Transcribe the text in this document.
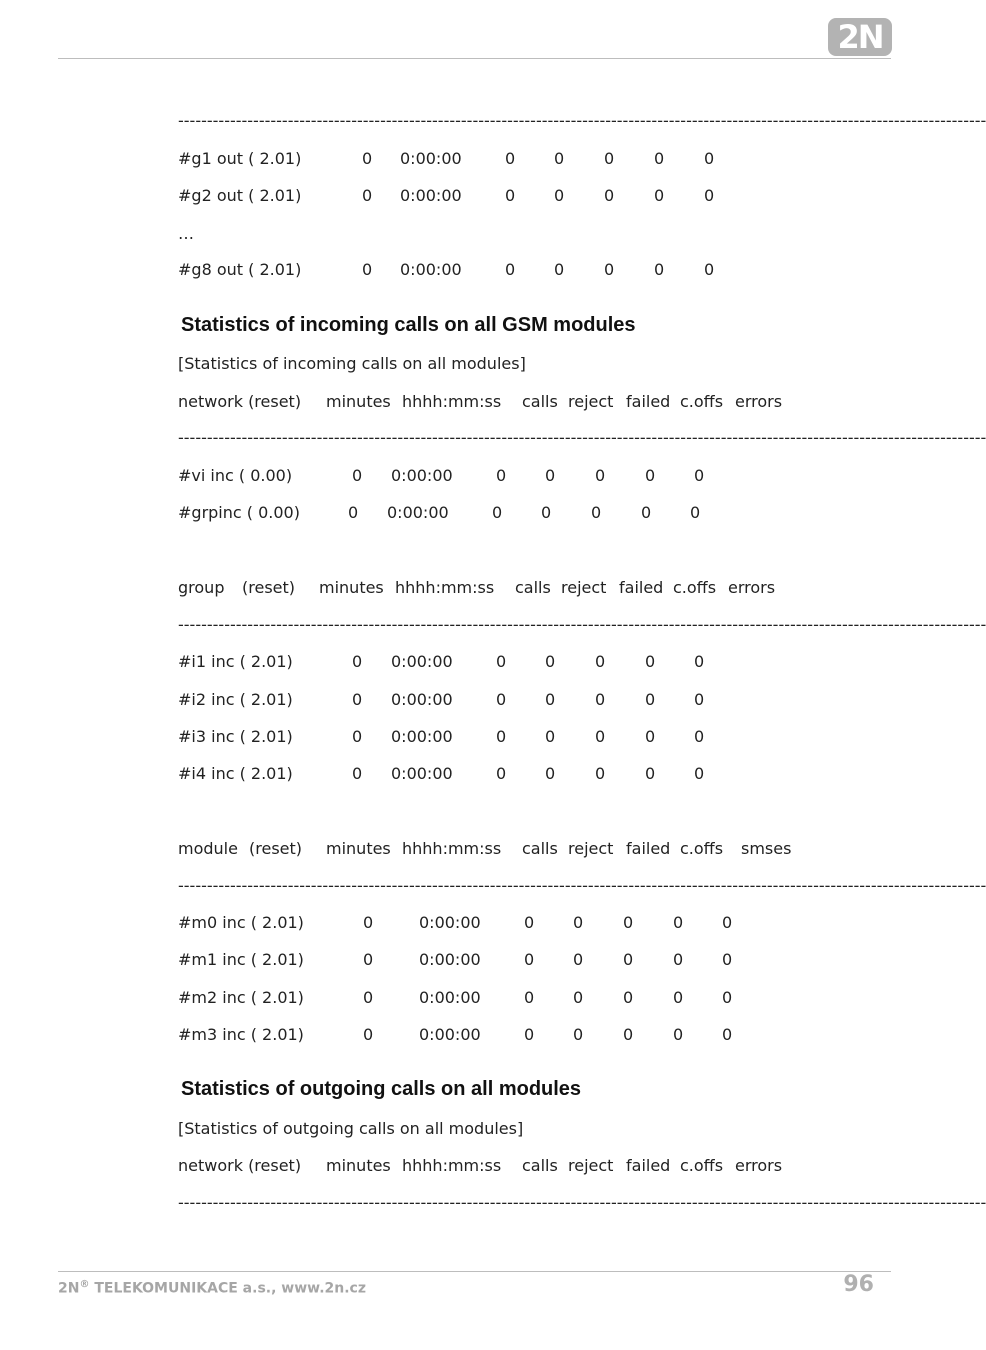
2N
--------------------------------------------------------------------------------------------------------------------------------------------
#g1 out ( 2.01)	0 0:00:00	0 0 0 0 0
#g2 out ( 2.01)	0 0:00:00	0 0 0 0 0
…
#g8 out ( 2.01)	0 0:00:00	0 0 0 0 0
Statistics of incoming calls on all GSM modules
[Statistics of incoming calls on all modules]
network (reset) minutes hhhh:mm:ss calls reject failed c.offs errors
--------------------------------------------------------------------------------------------------------------------------------------------
#vi inc ( 0.00)	0 0:00:00	0 0 0 0 0
#grpinc ( 0.00)	0 0:00:00	0 0 0 0 0
group (reset) minutes hhhh:mm:ss calls reject failed c.offs errors
--------------------------------------------------------------------------------------------------------------------------------------------
#i1 inc ( 2.01)	0 0:00:00	0 0 0 0 0
#i2 inc ( 2.01)	0 0:00:00	0 0 0 0 0
#i3 inc ( 2.01)	0 0:00:00	0 0 0 0 0
#i4 inc ( 2.01)	0 0:00:00	0 0 0 0 0
module (reset) minutes hhhh:mm:ss calls reject failed c.offs smses
--------------------------------------------------------------------------------------------------------------------------------------------
#m0 inc ( 2.01)	0	0:00:00	0 0 0 0 0
#m1 inc ( 2.01)	0	0:00:00	0 0 0 0 0
#m2 inc ( 2.01)	0	0:00:00	0 0 0 0 0
#m3 inc ( 2.01)	0	0:00:00	0 0 0 0 0
Statistics of outgoing calls on all modules
[Statistics of outgoing calls on all modules]
network (reset) minutes hhhh:mm:ss calls reject failed c.offs errors
--------------------------------------------------------------------------------------------------------------------------------------------
2N® TELEKOMUNIKACE a.s., www.2n.cz	96
